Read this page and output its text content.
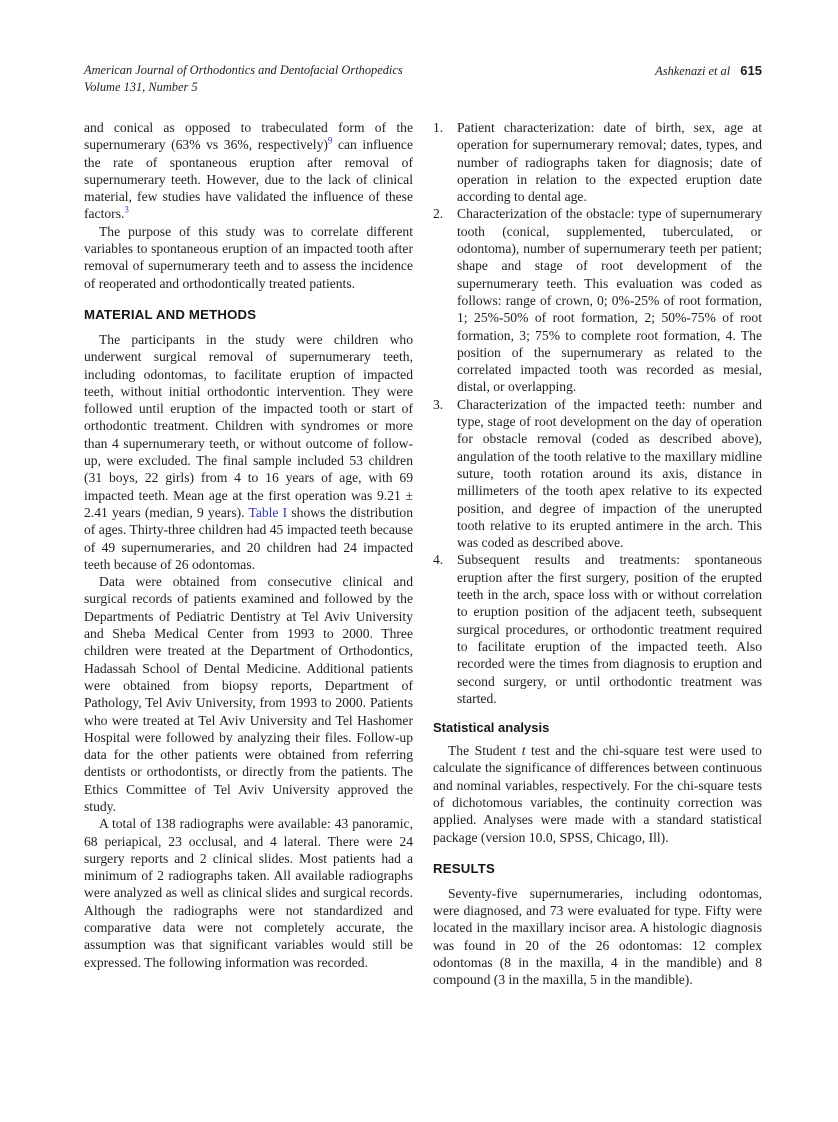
American Journal of Orthodontics and Dentofacial Orthopedics
Volume 131, Number 5
Ashkenazi et al 615

and conical as opposed to trabeculated form of the supernumerary (63% vs 36%, respectively)$^9$ can influence the rate of spontaneous eruption after removal of supernumerary teeth. However, due to the lack of clinical material, few studies have validated the influence of these factors.$^3$

The purpose of this study was to correlate different variables to spontaneous eruption of an impacted tooth after removal of supernumerary teeth and to assess the incidence of reoperated and orthodontically treated patients.

MATERIAL AND METHODS

The participants in the study were children who underwent surgical removal of supernumerary teeth, including odontomas, to facilitate eruption of impacted teeth, without initial orthodontic intervention. They were followed until eruption of the impacted tooth or start of orthodontic treatment. Children with syndromes or more than 4 supernumerary teeth, or without outcome of follow-up, were excluded. The final sample included 53 children (31 boys, 22 girls) from 4 to 16 years of age, with 69 impacted teeth. Mean age at the first operation was 9.21 ± 2.41 years (median, 9 years). Table I shows the distribution of ages. Thirty-three children had 45 impacted teeth because of 49 supernumeraries, and 20 children had 24 impacted teeth because of 26 odontomas.

Data were obtained from consecutive clinical and surgical records of patients examined and followed by the Departments of Pediatric Dentistry at Tel Aviv University and Sheba Medical Center from 1993 to 2000. Three children were treated at the Department of Orthodontics, Hadassah School of Dental Medicine. Additional patients were obtained from biopsy reports, Department of Pathology, Tel Aviv University, from 1993 to 2000. Patients who were treated at Tel Aviv University and Tel Hashomer Hospital were followed by analyzing their files. Follow-up data for the other patients were obtained from referring dentists or orthodontists, or directly from the patients. The Ethics Committee of Tel Aviv University approved the study.

A total of 138 radiographs were available: 43 panoramic, 68 periapical, 23 occlusal, and 4 lateral. There were 24 surgery reports and 2 clinical slides. Most patients had a minimum of 2 radiographs taken. All available radiographs were analyzed as well as clinical slides and surgical records. Although the radiographs were not standardized and comparative data were not completely accurate, the assumption was that significant variables would still be expressed. The following information was recorded.

1.	Patient characterization: date of birth, sex, age at operation for supernumerary removal; dates, types, and number of radiographs taken for diagnosis; date of operation in relation to the expected eruption date according to dental age.
2.	Characterization of the obstacle: type of supernumerary tooth (conical, supplemented, tuberculated, or odontoma), number of supernumerary teeth per patient; shape and stage of root development of the supernumerary teeth. This evaluation was coded as follows: range of crown, 0; 0%-25% of root formation, 1; 25%-50% of root formation, 2; 50%-75% of root formation, 3; 75% to complete root formation, 4. The position of the supernumerary as related to the correlated impacted tooth was recorded as mesial, distal, or overlapping.
3.	Characterization of the impacted teeth: number and type, stage of root development on the day of operation for obstacle removal (coded as described above), angulation of the tooth relative to the maxillary midline suture, tooth rotation around its axis, distance in millimeters of the tooth apex relative to its expected position, and degree of impaction of the unerupted tooth relative to its erupted antimere in the arch. This was coded as described above.
4.	Subsequent results and treatments: spontaneous eruption after the first surgery, position of the erupted teeth in the arch, space loss with or without correlation to eruption position of the adjacent teeth, subsequent surgical procedures, or orthodontic treatment required to facilitate eruption of the impacted teeth. Also recorded were the times from diagnosis to eruption and second surgery, or until orthodontic treatment was started.
Statistical analysis

The Student t test and the chi-square test were used to calculate the significance of differences between continuous and nominal variables, respectively. For the chi-square tests of dichotomous variables, the continuity correction was applied. Analyses were made with a standard statistical package (version 10.0, SPSS, Chicago, Ill).

RESULTS

Seventy-five supernumeraries, including odontomas, were diagnosed, and 73 were evaluated for type. Fifty were located in the maxillary incisor area. A histologic diagnosis was found in 20 of the 26 odontomas: 12 complex odontomas (8 in the maxilla, 4 in the mandible) and 8 compound (3 in the maxilla, 5 in the mandible).
